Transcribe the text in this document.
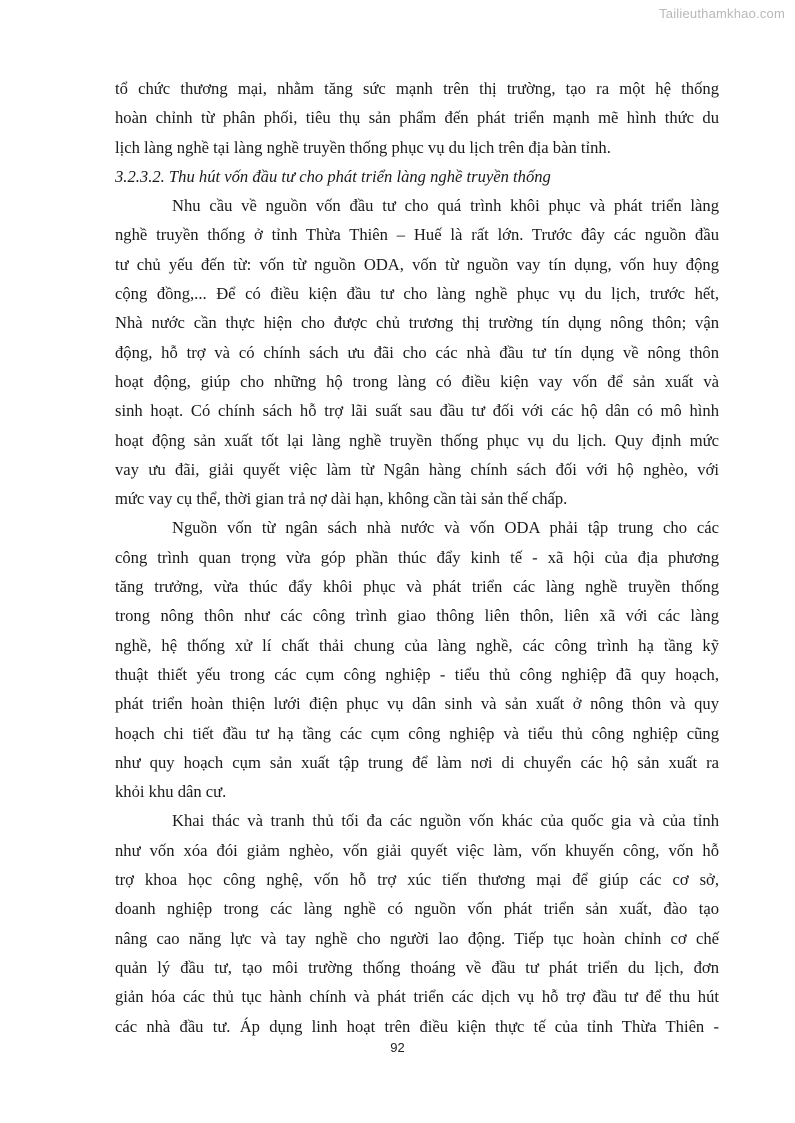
Tailieuthamkhao.com
tổ chức thương mại, nhằm tăng sức mạnh trên thị trường, tạo ra một hệ thống
hoàn chỉnh từ phân phối, tiêu thụ sản phẩm đến phát triển mạnh mẽ hình thức du
lịch làng nghề tại làng nghề truyền thống phục vụ du lịch trên địa bàn tỉnh.
3.2.3.2. Thu hút vốn đầu tư cho phát triển làng nghề truyền thống
Nhu cầu về nguồn vốn đầu tư cho quá trình khôi phục và phát triển làng
nghề truyền thống ở tỉnh Thừa Thiên – Huế là rất lớn. Trước đây các nguồn đầu
tư chủ yếu đến từ: vốn từ nguồn ODA, vốn từ nguồn vay tín dụng, vốn huy động
cộng đồng,... Để có điều kiện đầu tư cho làng nghề phục vụ du lịch, trước hết,
Nhà nước cần thực hiện cho được chủ trương thị trường tín dụng nông thôn; vận
động, hỗ trợ và có chính sách ưu đãi cho các nhà đầu tư tín dụng về nông thôn
hoạt động, giúp cho những hộ trong làng có điều kiện vay vốn để sản xuất và
sinh hoạt. Có chính sách hỗ trợ lãi suất sau đầu tư đối với các hộ dân có mô hình
hoạt động sản xuất tốt lại làng nghề truyền thống phục vụ du lịch. Quy định mức
vay ưu đãi, giải quyết việc làm từ Ngân hàng chính sách đối với hộ nghèo, với
mức vay cụ thể, thời gian trả nợ dài hạn, không cần tài sản thế chấp.
Nguồn vốn từ ngân sách nhà nước và vốn ODA phải tập trung cho các
công trình quan trọng vừa góp phần thúc đẩy kinh tế - xã hội của địa phương
tăng trưởng, vừa thúc đẩy khôi phục và phát triển các làng nghề truyền thống
trong nông thôn như các công trình giao thông liên thôn, liên xã với các làng
nghề, hệ thống xử lí chất thải chung của làng nghề, các công trình hạ tầng kỹ
thuật thiết yếu trong các cụm công nghiệp - tiểu thủ công nghiệp đã quy hoạch,
phát triển hoàn thiện lưới điện phục vụ dân sinh và sản xuất ở nông thôn và quy
hoạch chi tiết đầu tư hạ tầng các cụm công nghiệp và tiểu thủ công nghiệp cũng
như quy hoạch cụm sản xuất tập trung để làm nơi di chuyển các hộ sản xuất ra
khỏi khu dân cư.
Khai thác và tranh thủ tối đa các nguồn vốn khác của quốc gia và của tỉnh
như vốn xóa đói giảm nghèo, vốn giải quyết việc làm, vốn khuyến công, vốn hỗ
trợ khoa học công nghệ, vốn hỗ trợ xúc tiến thương mại để giúp các cơ sở,
doanh nghiệp trong các làng nghề có nguồn vốn phát triển sản xuất, đào tạo
nâng cao năng lực và tay nghề cho người lao động. Tiếp tục hoàn chỉnh cơ chế
quản lý đầu tư, tạo môi trường thống thoáng về đầu tư phát triển du lịch, đơn
giản hóa các thủ tục hành chính và phát triển các dịch vụ hỗ trợ đầu tư để thu hút
các nhà đầu tư. Áp dụng linh hoạt trên điều kiện thực tế của tỉnh Thừa Thiên -
92
